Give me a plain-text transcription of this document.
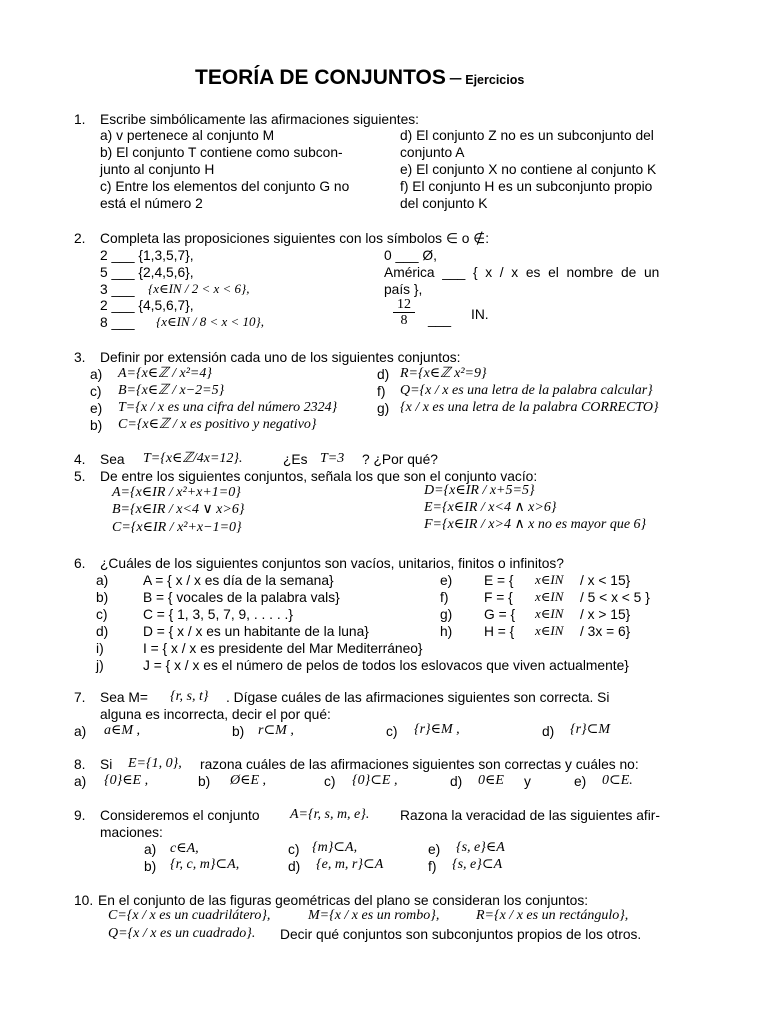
TEORÍA DE CONJUNTOS – Ejercicios
1. Escribe simbólicamente las afirmaciones siguientes:
a) v pertenece al conjunto M
b) El conjunto T contiene como subcon-
junto al conjunto H
c) Entre los elementos del conjunto G no
está el número 2
d) El conjunto Z no es un subconjunto del
conjunto A
e) El conjunto X no contiene al conjunto K
f) El conjunto H es un subconjunto propio
del conjunto K
2. Completa las proposiciones siguientes con los símbolos ∈ o ∉:
2 ___ {1,3,5,7},
5 ___ {2,4,5,6},
3 ___ {x∈IN / 2 < x < 6},
2 ___ {4,5,6,7},
8 ___ {x∈IN / 8 < x < 10},
0 ___ Ø,
América  ___  {  x  /  x  es  el  nombre  de  un
país },
$\frac{12}{8}$ ___ IN.
3. Definir por extensión cada uno de los siguientes conjuntos:
a) A={x∈ℤ / x²=4}
c) B={x∈ℤ / x−2=5}
e) T={x / x es una cifra del número 2324}
b) C={x∈ℤ / x es positivo y negativo}
d) R={x∈ℤ x²=9}
f) Q={x / x es una letra de la palabra calcular}
g) {x / x es una letra de la palabra CORRECTO}
4. Sea T={x∈ℤ/4x=12}.	¿Es T=3 ? ¿Por qué?
5. De entre los siguientes conjuntos, señala los que son el conjunto vacío:
A={x∈IR / x²+x+1=0}
B={x∈IR / x<4 ∨ x>6}
C={x∈IR / x²+x−1=0}
D={x∈IR / x+5=5}
E={x∈IR / x<4 ∧ x>6}
F={x∈IR / x>4 ∧ x no es mayor que 6}
6. ¿Cuáles de los siguientes conjuntos son vacíos, unitarios, finitos o infinitos?
a)	A = { x / x es día de la semana}
b)	B = { vocales de la palabra vals}
c)	C = { 1, 3, 5, 7, 9, . . . . .}
d)	D = { x / x es un habitante de la luna}
e) E = { x∈IN / x < 15}
f)	F = { x∈IN / 5 < x < 5 }
g) G = { x∈IN / x > 15}
h) H = { x∈IN / 3x = 6}
i)	I = { x / x es presidente del Mar Mediterráneo}
j)	J = { x / x es el número de pelos de todos los eslovacos que viven actualmente}
7. Sea M= {r, s, t} . Dígase cuáles de las afirmaciones siguientes son correcta. Si
alguna es incorrecta, decir el por qué:
a) a∈M ,	b) r⊂M ,	c) {r}∈M ,	d) {r}⊂M
8. Si E={1, 0}, razona cuáles de las afirmaciones siguientes son correctas y cuáles no:
a) {0}∈E ,	b) Ø∈E ,	c) {0}⊂E ,	d) 0∈E y	e) 0⊂E.
9. Consideremos el conjunto A={r, s, m, e}. Razona la veracidad de las siguientes afir-
maciones:
a) c∈A,	c) {m}⊂A,	e) {s, e}∈A
b) {r, c, m}⊂A,	d) {e, m, r}⊂A	f) {s, e}⊂A
10. En el conjunto de las figuras geométricas del plano se consideran los conjuntos:
C={x / x es un cuadrilátero},	M={x / x es un rombo},	R={x / x es un rectángulo},
Q={x / x es un cuadrado}. Decir qué conjuntos son subconjuntos propios de los otros.
